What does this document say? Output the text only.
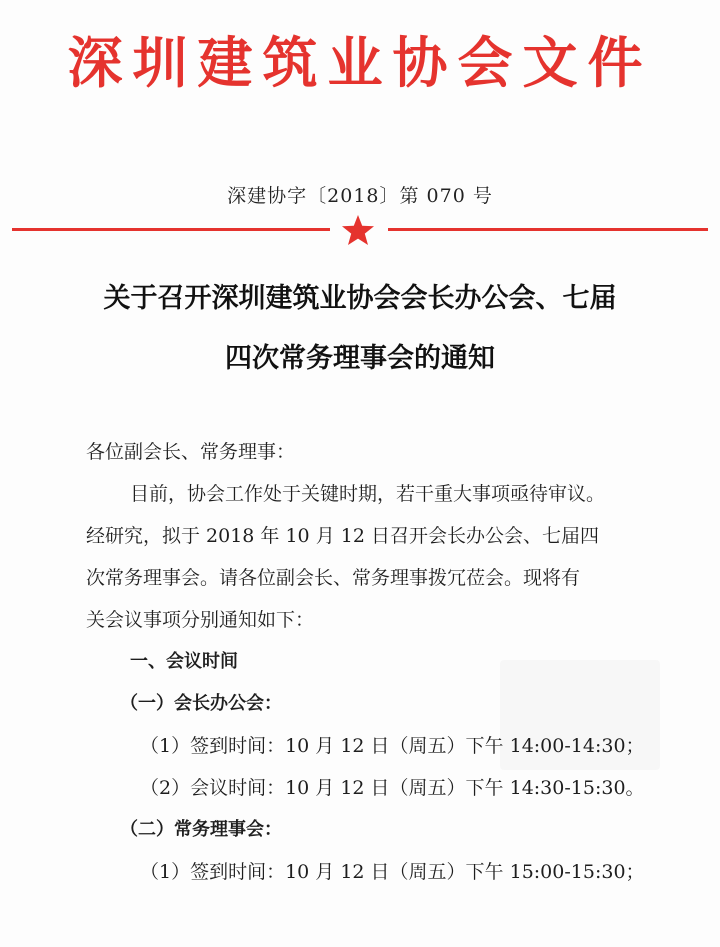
深圳建筑业协会文件
深建协字〔2018〕第 070 号
关于召开深圳建筑业协会会长办公会、七届
四次常务理事会的通知
各位副会长、常务理事：
目前，协会工作处于关键时期，若干重大事项亟待审议。
经研究，拟于 2018 年 10 月 12 日召开会长办公会、七届四
次常务理事会。请各位副会长、常务理事拨冗莅会。现将有
关会议事项分别通知如下：
一、会议时间
（一）会长办公会：
（1）签到时间：10 月 12 日（周五）下午 14:00-14:30；
（2）会议时间：10 月 12 日（周五）下午 14:30-15:30。
（二）常务理事会：
（1）签到时间：10 月 12 日（周五）下午 15:00-15:30；
